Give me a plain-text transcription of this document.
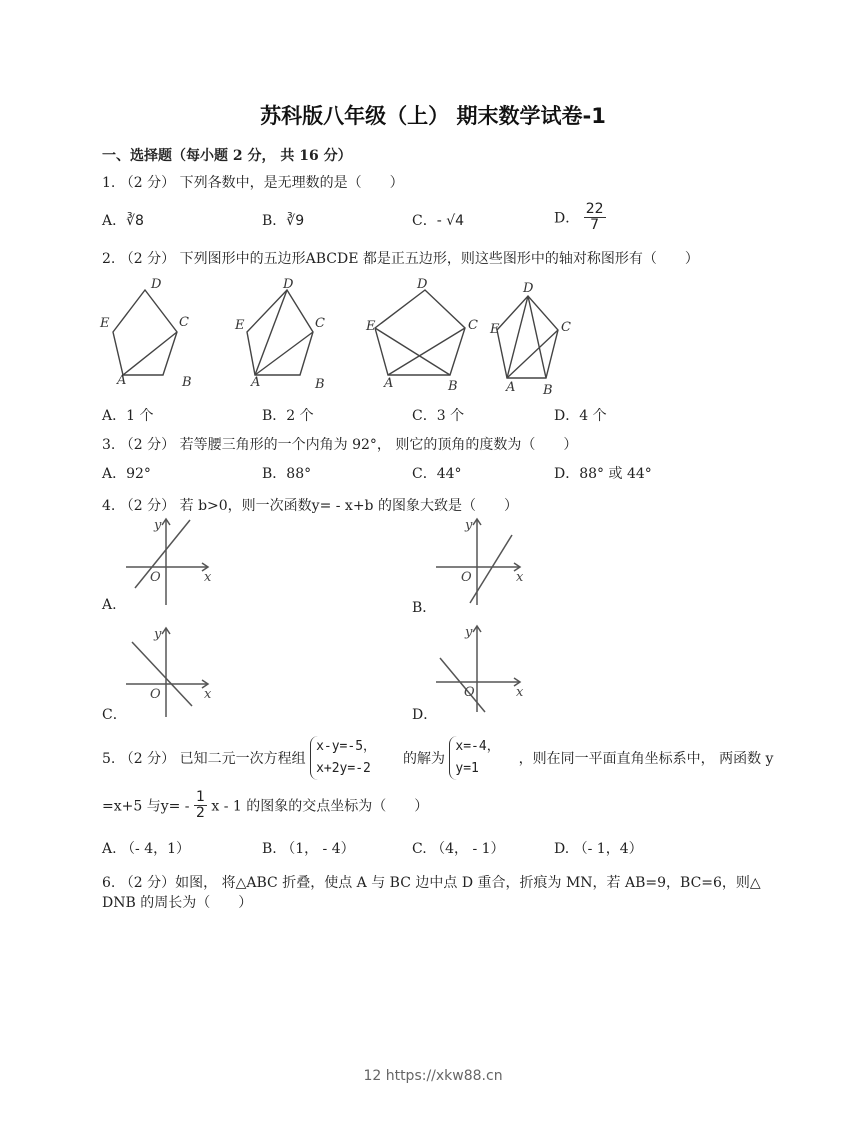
苏科版八年级（上） 期末数学试卷-1
一、选择题（每小题 2 分， 共 16 分）
1. （2 分） 下列各数中，是无理数的是（　　）
A．∛8	B．∛9	C．- √4	D． $\frac{22}{7}$
2. （2 分） 下列图形中的五边形ABCDE 都是正五边形，则这些图形中的轴对称图形有（　　）
D
E	C
A	B
D
E	C
A	B
D
E	C
A	B
D
E	C
A B
A．1 个	B．2 个	C．3 个	D．4 个
3. （2 分） 若等腰三角形的一个内角为 92°， 则它的顶角的度数为（　　）
A．92°	B．88°	C．44°	D．88° 或 44°
4. （2 分） 若 b>0，则一次函数y= - x+b 的图象大致是（　　）
y
x
O
A.
y
x
O
B．
y
x
O
C．
y
x
O
D．
5. （2 分） 已知二元一次方程组
x-y=-5，
x+2y=-2
的解为
x=-4，
y=1
，则在同一平面直角坐标系中， 两函数 y
=x+5 与$y= - \frac{1}{2}$ x - 1 的图象的交点坐标为（　　）
A. （- 4，1）	B. （1， - 4）	C. （4， - 1）	D. （- 1，4）
6. （2 分）如图， 将△ABC 折叠，使点 A 与 BC 边中点 D 重合，折痕为 MN，若 AB=9，BC=6，则△
DNB 的周长为（　　）
12 https://xkw88.cn
